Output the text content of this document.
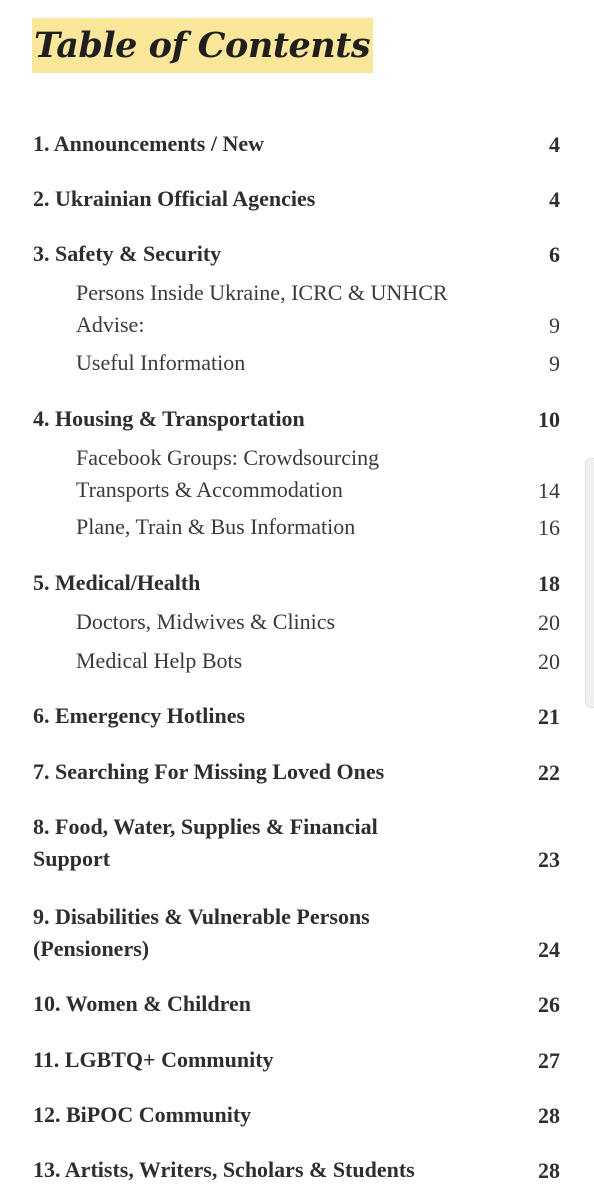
Table of Contents
1. Announcements / New	4
2. Ukrainian Official Agencies	4
3. Safety & Security	6
Persons Inside Ukraine, ICRC & UNHCR
Advise:	9
Useful Information	9
4. Housing & Transportation	10
Facebook Groups: Crowdsourcing
Transports & Accommodation	14
Plane, Train & Bus Information	16
5. Medical/Health	18
Doctors, Midwives & Clinics	20
Medical Help Bots	20
6. Emergency Hotlines	21
7. Searching For Missing Loved Ones	22
8. Food, Water, Supplies & Financial
Support	23
9. Disabilities & Vulnerable Persons
(Pensioners)	24
10. Women & Children	26
11. LGBTQ+ Community	27
12. BiPOC Community	28
13. Artists, Writers, Scholars & Students	28
